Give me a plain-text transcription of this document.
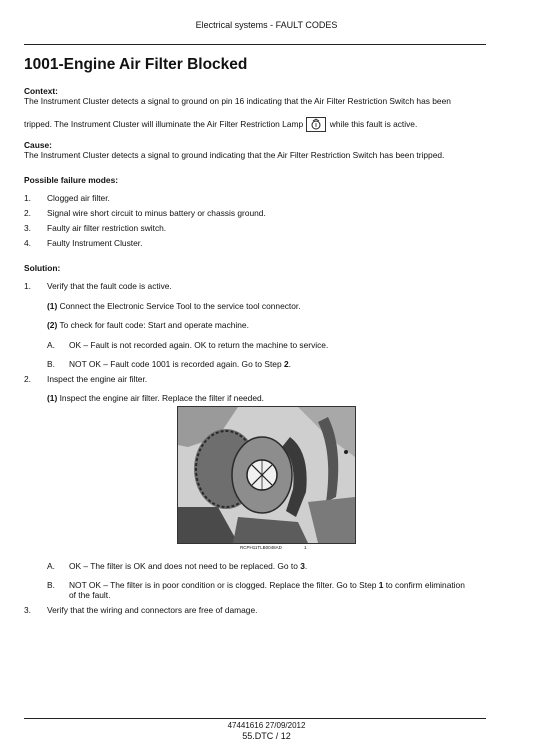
Electrical systems - FAULT CODES
1001-Engine Air Filter Blocked
Context:
The Instrument Cluster detects a signal to ground on pin 16 indicating that the Air Filter Restriction Switch has been
tripped. The Instrument Cluster will illuminate the Air Filter Restriction Lamp	while this fault is active.
Cause:
The Instrument Cluster detects a signal to ground indicating that the Air Filter Restriction Switch has been tripped.
Possible failure modes:
1. Clogged air filter.
2. Signal wire short circuit to minus battery or chassis ground.
3. Faulty air filter restriction switch.
4. Faulty Instrument Cluster.
Solution:
1. Verify that the fault code is active.
(1) Connect the Electronic Service Tool to the service tool connector.
(2) To check for fault code: Start and operate machine.
A. OK – Fault is not recorded again. OK to return the machine to service.
B. NOT OK – Fault code 1001 is recorded again. Go to Step 2.
2. Inspect the engine air filter.
(1) Inspect the engine air filter. Replace the filter if needed.
RCPH11TLB0048AD	1
A. OK – The filter is OK and does not need to be replaced. Go to 3.
B. NOT OK – The filter is in poor condition or is clogged. Replace the filter. Go to Step 1 to confirm elimination
of the fault.
3. Verify that the wiring and connectors are free of damage.
47441616 27/09/2012
55.DTC / 12
